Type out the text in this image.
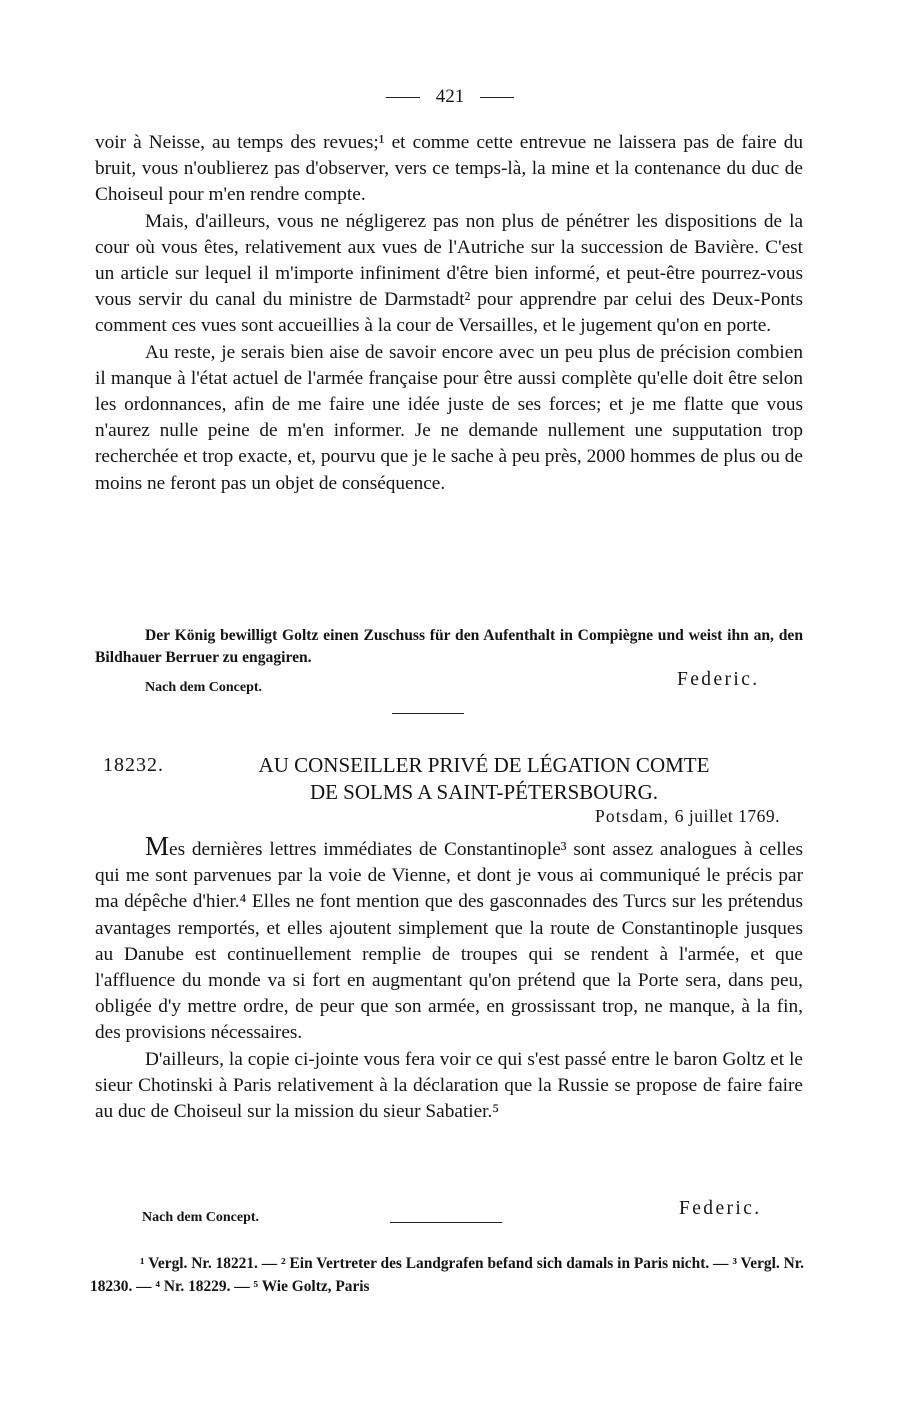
421

voir à Neisse, au temps des revues;¹ et comme cette entrevue ne laissera pas de faire du bruit, vous n'oublierez pas d'observer, vers ce temps-là, la mine et la contenance du duc de Choiseul pour m'en rendre compte.

Mais, d'ailleurs, vous ne négligerez pas non plus de pénétrer les dispositions de la cour où vous êtes, relativement aux vues de l'Autriche sur la succession de Bavière. C'est un article sur lequel il m'importe infiniment d'être bien informé, et peut-être pourrez-vous vous servir du canal du ministre de Darmstadt² pour apprendre par celui des Deux-Ponts comment ces vues sont accueillies à la cour de Versailles, et le jugement qu'on en porte.

Au reste, je serais bien aise de savoir encore avec un peu plus de précision combien il manque à l'état actuel de l'armée française pour être aussi complète qu'elle doit être selon les ordonnances, afin de me faire une idée juste de ses forces; et je me flatte que vous n'aurez nulle peine de m'en informer. Je ne demande nullement une supputation trop recherchée et trop exacte, et, pourvu que je le sache à peu près, 2000 hommes de plus ou de moins ne feront pas un objet de conséquence.

Der König bewilligt Goltz einen Zuschuss für den Aufenthalt in Compiègne und weist ihn an, den Bildhauer Berruer zu engagiren.

Nach dem Concept.	Federic.
18232.	AU CONSEILLER PRIVÉ DE LÉGATION COMTE
DE SOLMS A SAINT-PÉTERSBOURG.
Potsdam, 6 juillet 1769.

Mes dernières lettres immédiates de Constantinople³ sont assez analogues à celles qui me sont parvenues par la voie de Vienne, et dont je vous ai communiqué le précis par ma dépêche d'hier.⁴ Elles ne font mention que des gasconnades des Turcs sur les prétendus avantages remportés, et elles ajoutent simplement que la route de Constantinople jusques au Danube est continuellement remplie de troupes qui se rendent à l'armée, et que l'affluence du monde va si fort en augmentant qu'on prétend que la Porte sera, dans peu, obligée d'y mettre ordre, de peur que son armée, en grossissant trop, ne manque, à la fin, des provisions nécessaires.

D'ailleurs, la copie ci-jointe vous fera voir ce qui s'est passé entre le baron Goltz et le sieur Chotinski à Paris relativement à la déclaration que la Russie se propose de faire faire au duc de Choiseul sur la mission du sieur Sabatier.⁵

Nach dem Concept.	Federic.

¹ Vergl. Nr. 18221. — ² Ein Vertreter des Landgrafen befand sich damals in Paris nicht. — ³ Vergl. Nr. 18230. — ⁴ Nr. 18229. — ⁵ Wie Goltz, Paris
